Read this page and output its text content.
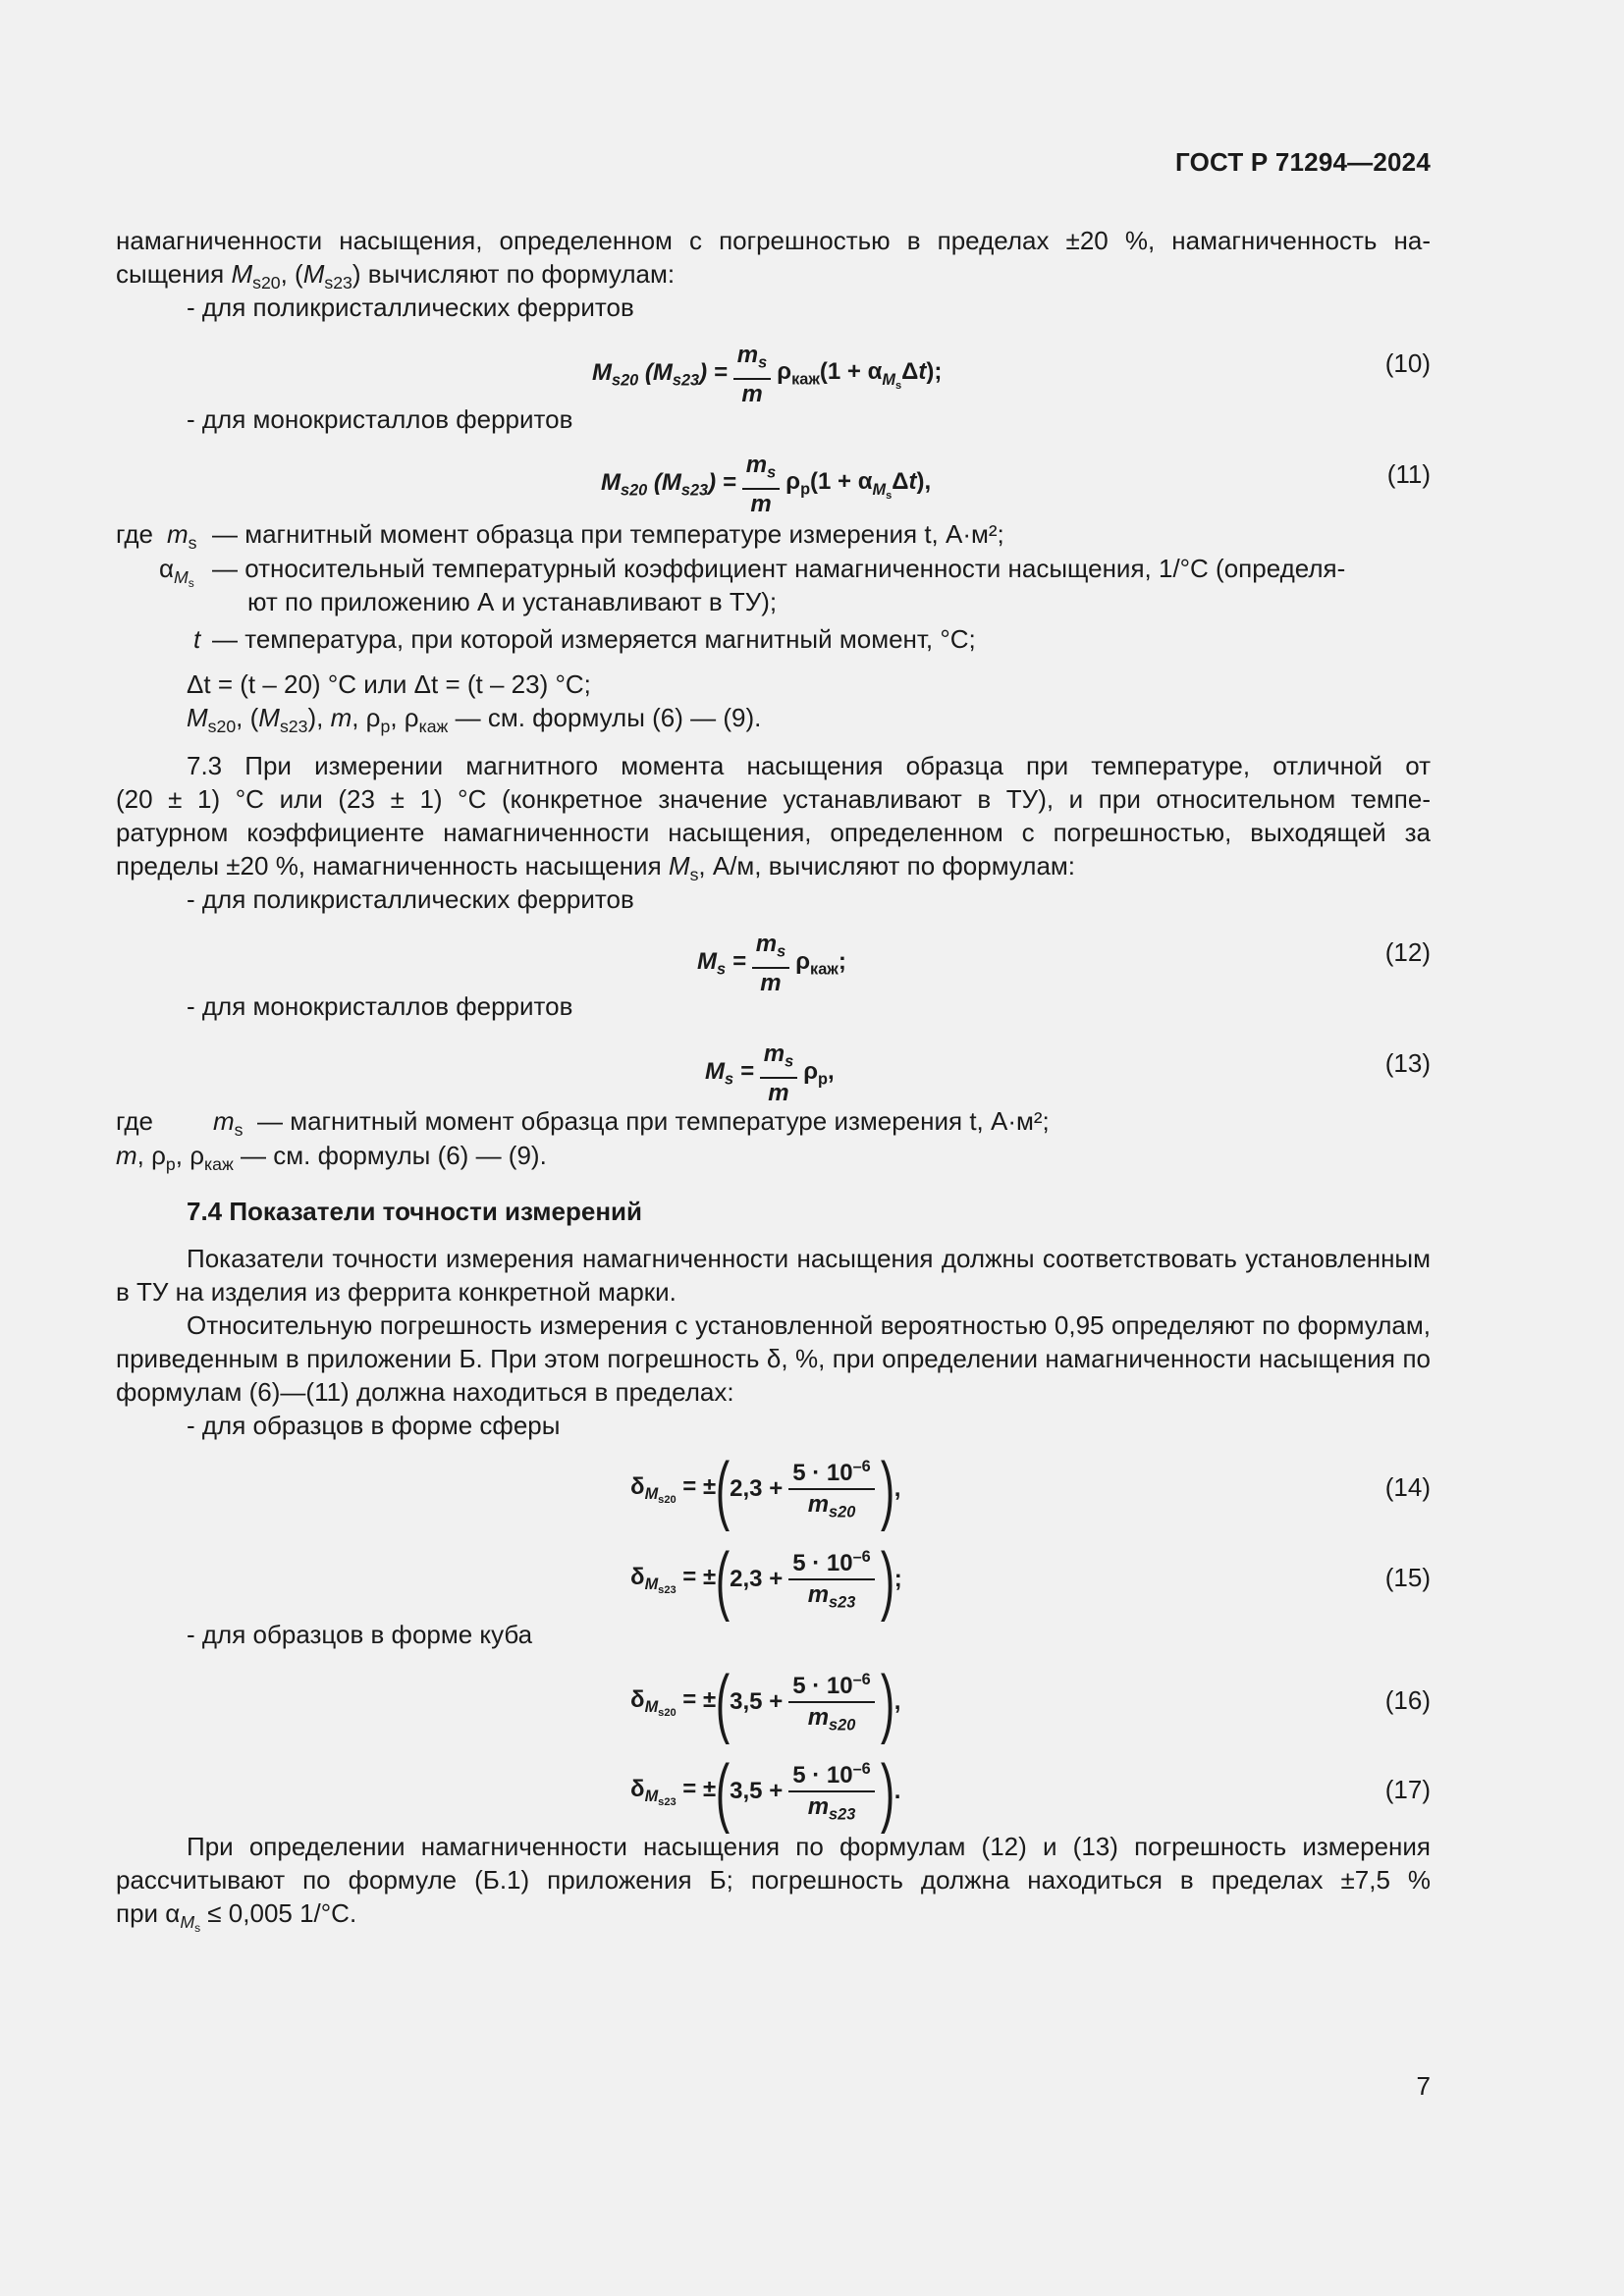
ГОСТ Р 71294—2024
намагниченности насыщения, определенном с погрешностью в пределах ±20 %, намагниченность на-
сыщения $M_{s20}$, $(M_{s23})$ вычисляют по формулам:
- для поликристаллических ферритов
$M_{s20}$ $(M_{s23}) = \frac{m_s}{m} \rho_{каж}(1 + \alpha_{M_s}\Delta t)$;	(10)
- для монокристаллов ферритов
$M_{s20}$ $(M_{s23}) = \frac{m_s}{m} \rho_р(1 + \alpha_{M_s}\Delta t)$,	(11)
где $m_s$ — магнитный момент образца при температуре измерения t, А·м²;
$\alpha_{M_s}$
— относительный температурный коэффициент намагниченности насыщения, 1/°С (определя-
ют по приложению А и устанавливают в ТУ);
t — температура, при которой измеряется магнитный момент, °С;
Δt = (t – 20) °C или Δt = (t – 23) °C;
$M_{s20}$, $(M_{s23})$, m, $\rho_р$, $\rho_{каж}$ — см. формулы (6) — (9).
7.3 При измерении магнитного момента насыщения образца при температуре, отличной от
(20 ± 1) °С или (23 ± 1) °С (конкретное значение устанавливают в ТУ), и при относительном темпе-
ратурном коэффициенте намагниченности насыщения, определенном с погрешностью, выходящей за
пределы ±20 %, намагниченность насыщения $M_s$, А/м, вычисляют по формулам:
- для поликристаллических ферритов
$M_s = \frac{m_s}{m} \rho_{каж}$;	(12)
- для монокристаллов ферритов
$M_s = \frac{m_s}{m} \rho_р$,	(13)
где $m_s$ — магнитный момент образца при температуре измерения t, А·м²;
m, $\rho_р$, $\rho_{каж}$ — см. формулы (6) — (9).
7.4 Показатели точности измерений
Показатели точности измерения намагниченности насыщения должны соответствовать установленным в ТУ на изделия из феррита конкретной марки.
Относительную погрешность измерения с установленной вероятностью 0,95 определяют по формулам, приведенным в приложении Б. При этом погрешность δ, %, при определении намагниченности насыщения по формулам (6)—(11) должна находиться в пределах:
- для образцов в форме сферы
$\delta_{M_{s20}}$ = ± ( $2,3 + \frac{5 \cdot 10^{-6}}{m_{s20}}$ ) ,	(14)
$\delta_{M_{s23}}$ = ± ( $2,3 + \frac{5 \cdot 10^{-6}}{m_{s23}}$ ) ;	(15)
- для образцов в форме куба
$\delta_{M_{s20}}$ = ± ( $3,5 + \frac{5 \cdot 10^{-6}}{m_{s20}}$ ) ,	(16)
$\delta_{M_{s23}}$ = ± ( $3,5 + \frac{5 \cdot 10^{-6}}{m_{s23}}$ ) .	(17)
При определении намагниченности насыщения по формулам (12) и (13) погрешность измерения рассчитывают по формуле (Б.1) приложения Б; погрешность должна находиться в пределах ±7,5 %
при $\alpha_{M_s} \le 0,005$ 1/°С.
7
